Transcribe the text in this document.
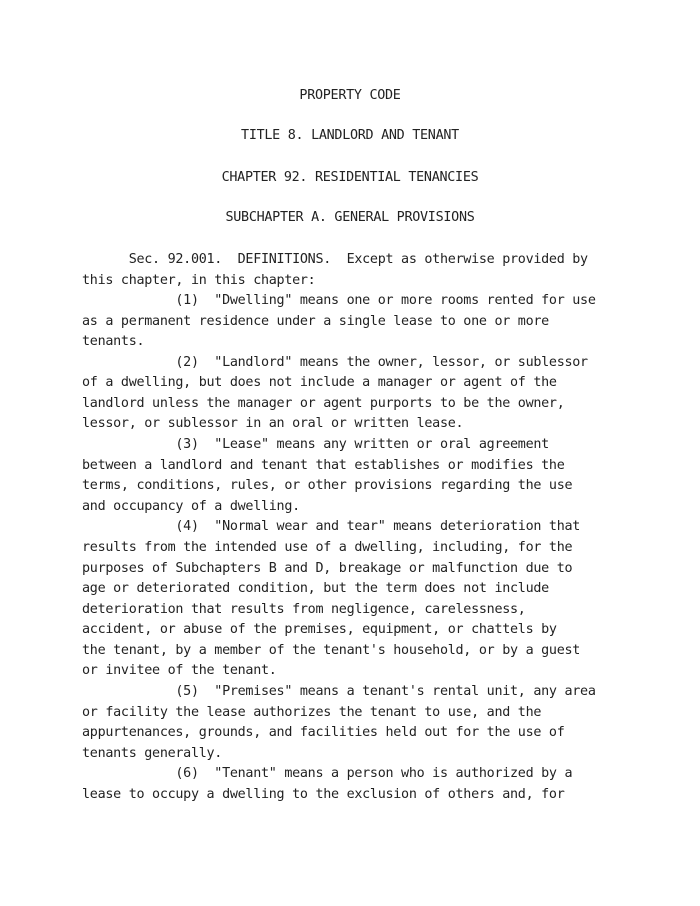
PROPERTY CODE
TITLE 8. LANDLORD AND TENANT
CHAPTER 92. RESIDENTIAL TENANCIES
SUBCHAPTER A. GENERAL PROVISIONS
Sec. 92.001.  DEFINITIONS.  Except as otherwise provided by
this chapter, in this chapter:
(1)  "Dwelling" means one or more rooms rented for use
as a permanent residence under a single lease to one or more
tenants.
(2)  "Landlord" means the owner, lessor, or sublessor
of a dwelling, but does not include a manager or agent of the
landlord unless the manager or agent purports to be the owner,
lessor, or sublessor in an oral or written lease.
(3)  "Lease" means any written or oral agreement
between a landlord and tenant that establishes or modifies the
terms, conditions, rules, or other provisions regarding the use
and occupancy of a dwelling.
(4)  "Normal wear and tear" means deterioration that
results from the intended use of a dwelling, including, for the
purposes of Subchapters B and D, breakage or malfunction due to
age or deteriorated condition, but the term does not include
deterioration that results from negligence, carelessness,
accident, or abuse of the premises, equipment, or chattels by
the tenant, by a member of the tenant's household, or by a guest
or invitee of the tenant.
(5)  "Premises" means a tenant's rental unit, any area
or facility the lease authorizes the tenant to use, and the
appurtenances, grounds, and facilities held out for the use of
tenants generally.
(6)  "Tenant" means a person who is authorized by a
lease to occupy a dwelling to the exclusion of others and, for
